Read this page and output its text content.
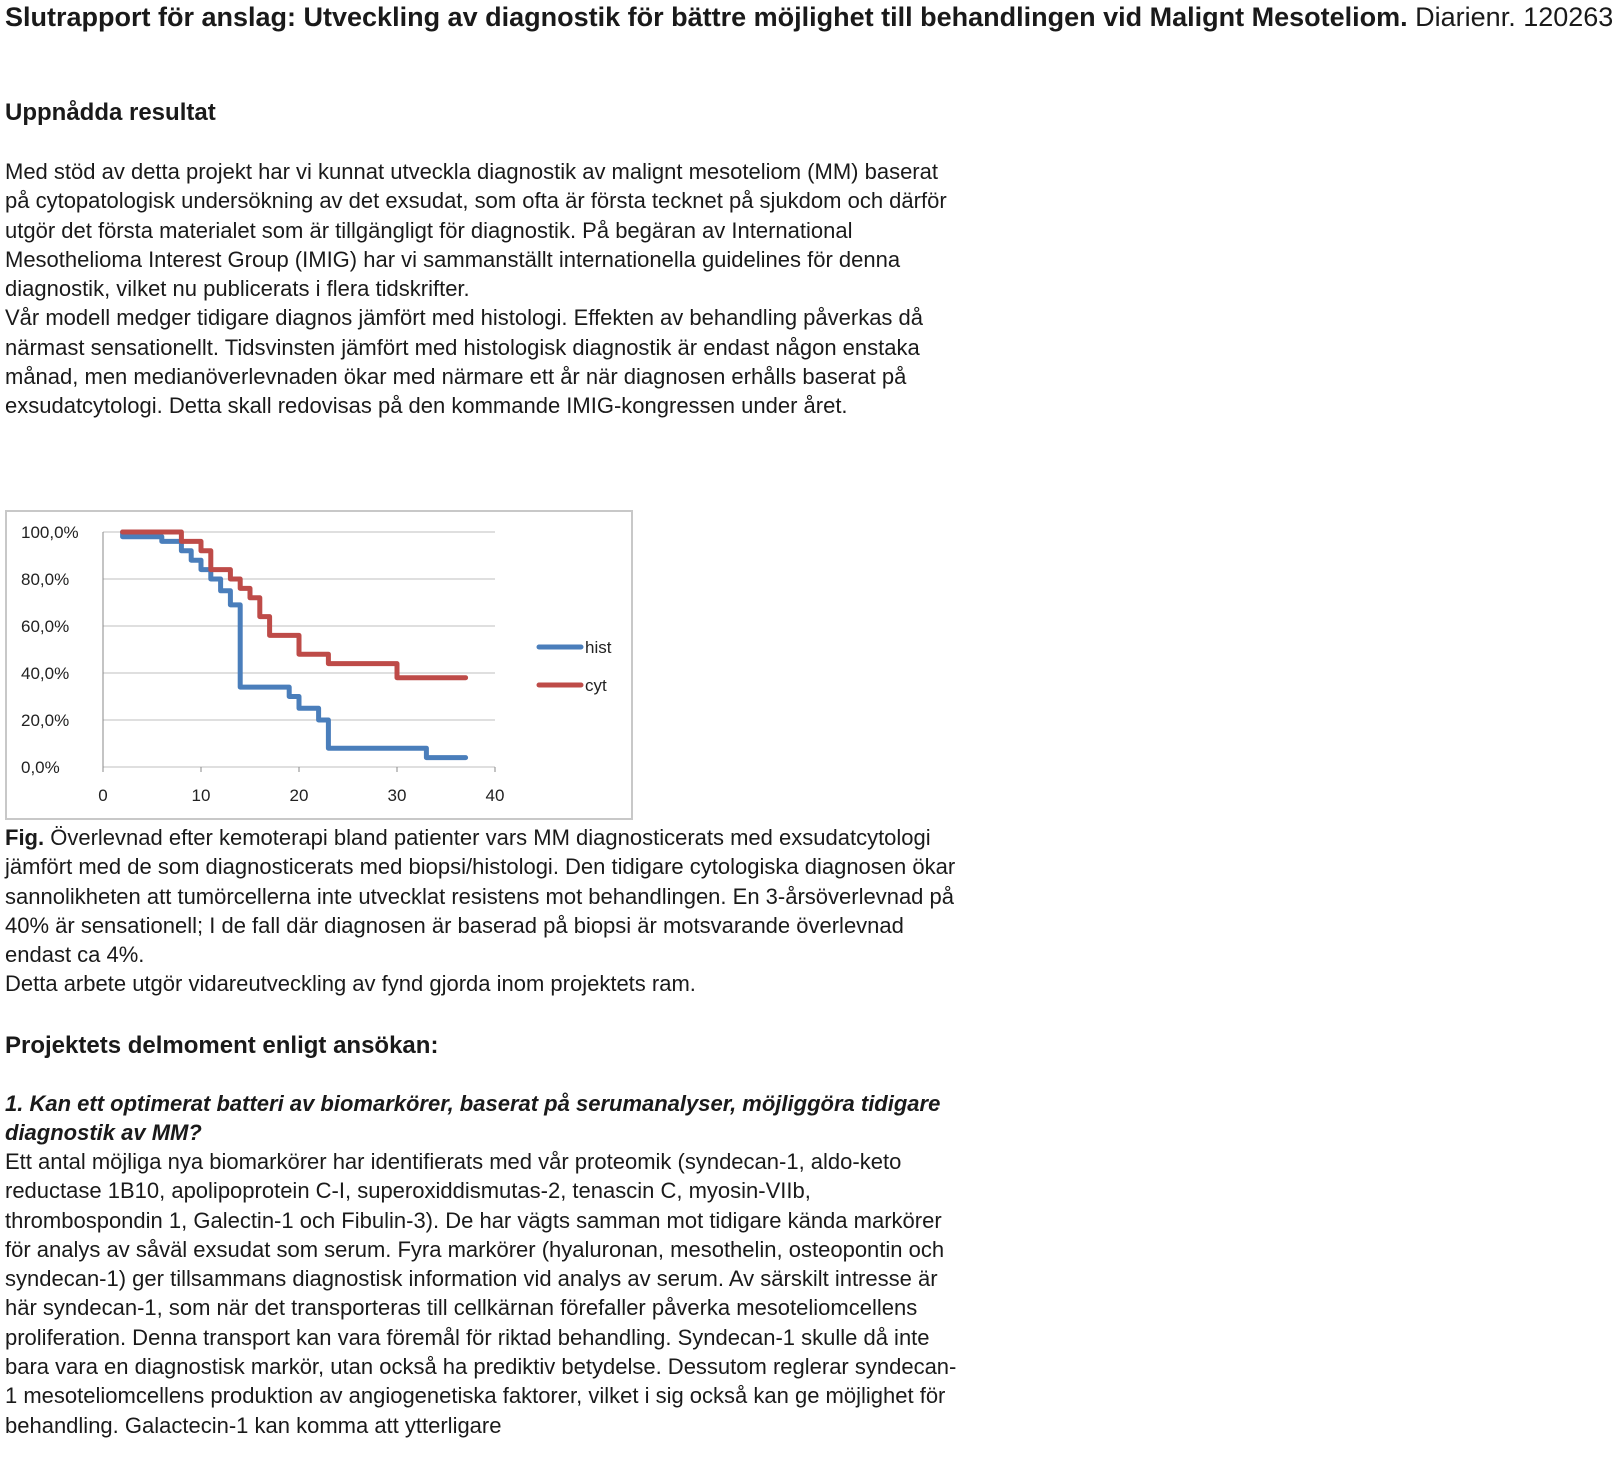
Slutrapport för anslag: Utveckling av diagnostik för bättre möjlighet till behandlingen vid Malignt Mesoteliom. Diarienr. 120263
Uppnådda resultat

Med stöd av detta projekt har vi kunnat utveckla diagnostik av malignt mesoteliom (MM) baserat på cytopatologisk undersökning av det exsudat, som ofta är första tecknet på sjukdom och därför utgör det första materialet som är tillgängligt för diagnostik. På begäran av International Mesothelioma Interest Group (IMIG) har vi sammanställt internationella guidelines för denna diagnostik, vilket nu publicerats i flera tidskrifter.

Vår modell medger tidigare diagnos jämfört med histologi. Effekten av behandling påverkas då närmast sensationellt. Tidsvinsten jämfört med histologisk diagnostik är endast någon enstaka månad, men medianöverlevnaden ökar med närmare ett år när diagnosen erhålls baserat på exsudatcytologi. Detta skall redovisas på den kommande IMIG-kongressen under året.

0,0%
20,0%
40,0%
60,0%
80,0%
100,0%
0	10	20	30	40
hist
cyt

Fig. Överlevnad efter kemoterapi bland patienter vars MM diagnosticerats med exsudatcytologi jämfört med de som diagnosticerats med biopsi/histologi. Den tidigare cytologiska diagnosen ökar sannolikheten att tumörcellerna inte utvecklat resistens mot behandlingen. En 3-årsöverlevnad på 40% är sensationell; I de fall där diagnosen är baserad på biopsi är motsvarande överlevnad endast ca 4%.

Detta arbete utgör vidareutveckling av fynd gjorda inom projektets ram.

Projektets delmoment enligt ansökan:
1. Kan ett optimerat batteri av biomarkörer, baserat på serumanalyser, möjliggöra tidigare diagnostik av MM?

Ett antal möjliga nya biomarkörer har identifierats med vår proteomik (syndecan-1, aldo-keto reductase 1B10, apolipoprotein C-I, superoxiddismutas-2, tenascin C, myosin-VIIb, thrombospondin 1, Galectin-1 och Fibulin-3). De har vägts samman mot tidigare kända markörer för analys av såväl exsudat som serum. Fyra markörer (hyaluronan, mesothelin, osteopontin och syndecan-1) ger tillsammans diagnostisk information vid analys av serum. Av särskilt intresse är här syndecan-1, som när det transporteras till cellkärnan förefaller påverka mesoteliomcellens proliferation. Denna transport kan vara föremål för riktad behandling. Syndecan-1 skulle då inte bara vara en diagnostisk markör, utan också ha prediktiv betydelse. Dessutom reglerar syndecan-1 mesoteliomcellens produktion av angiogenetiska faktorer, vilket i sig också kan ge möjlighet för behandling. Galactecin-1 kan komma att ytterligare
